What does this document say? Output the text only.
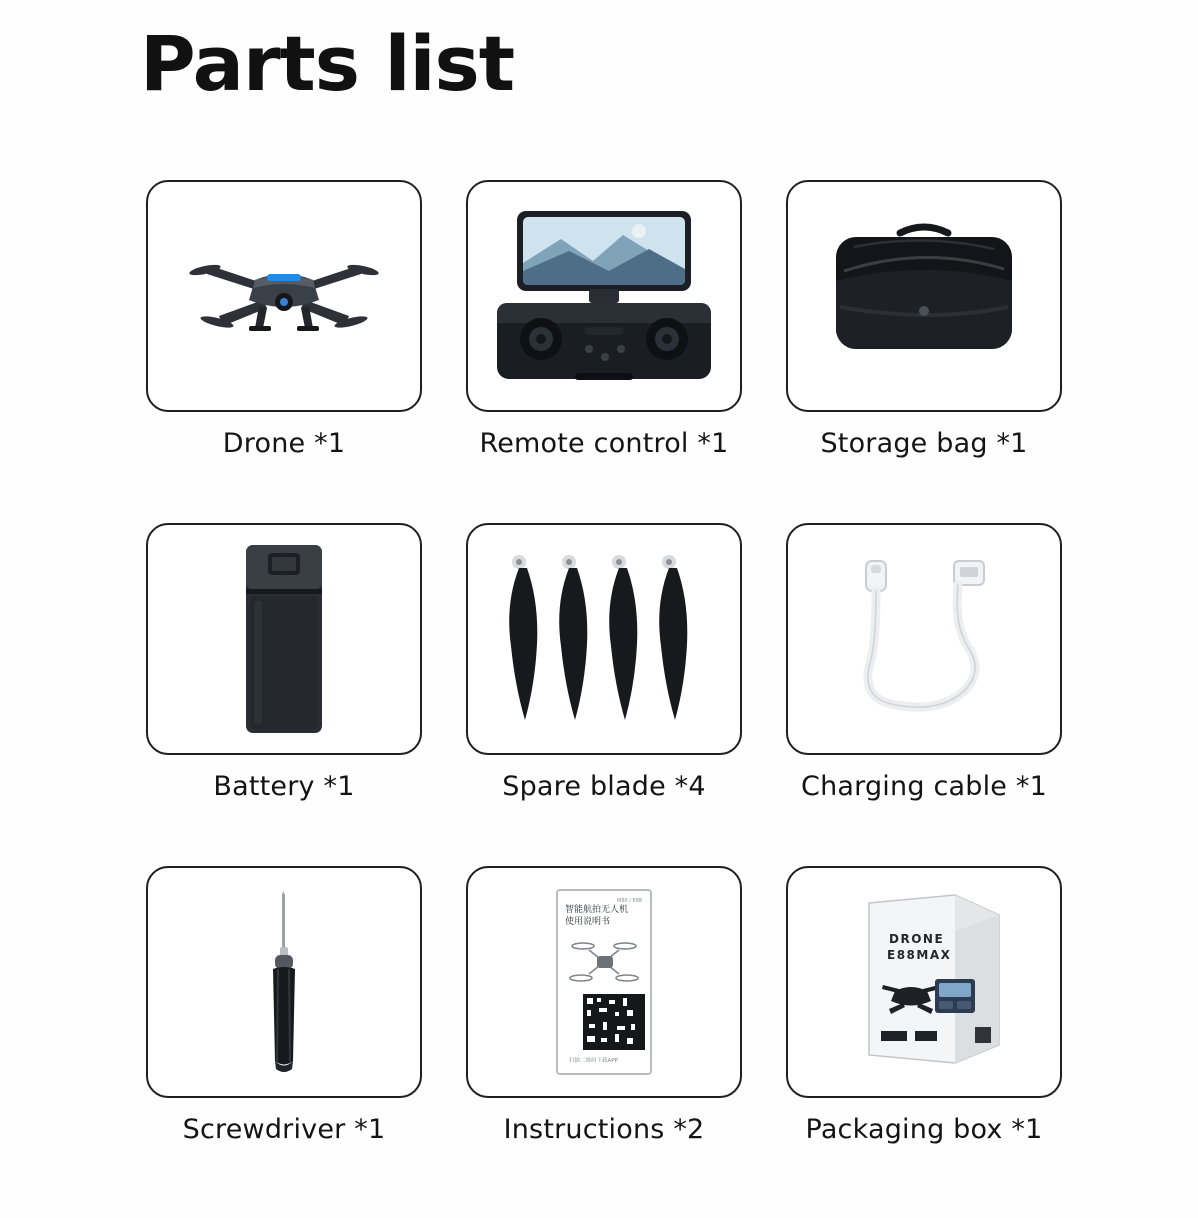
Parts list
Drone *1	Remote control *1	Storage bag *1
Battery *1	Spare blade *4	Charging cable *1
Screwdriver *1
智能航拍无人机
使用说明书
M80 / E88
扫描二维码下载APP
Instructions *2
DRONE
E88MAX
Packaging box *1
